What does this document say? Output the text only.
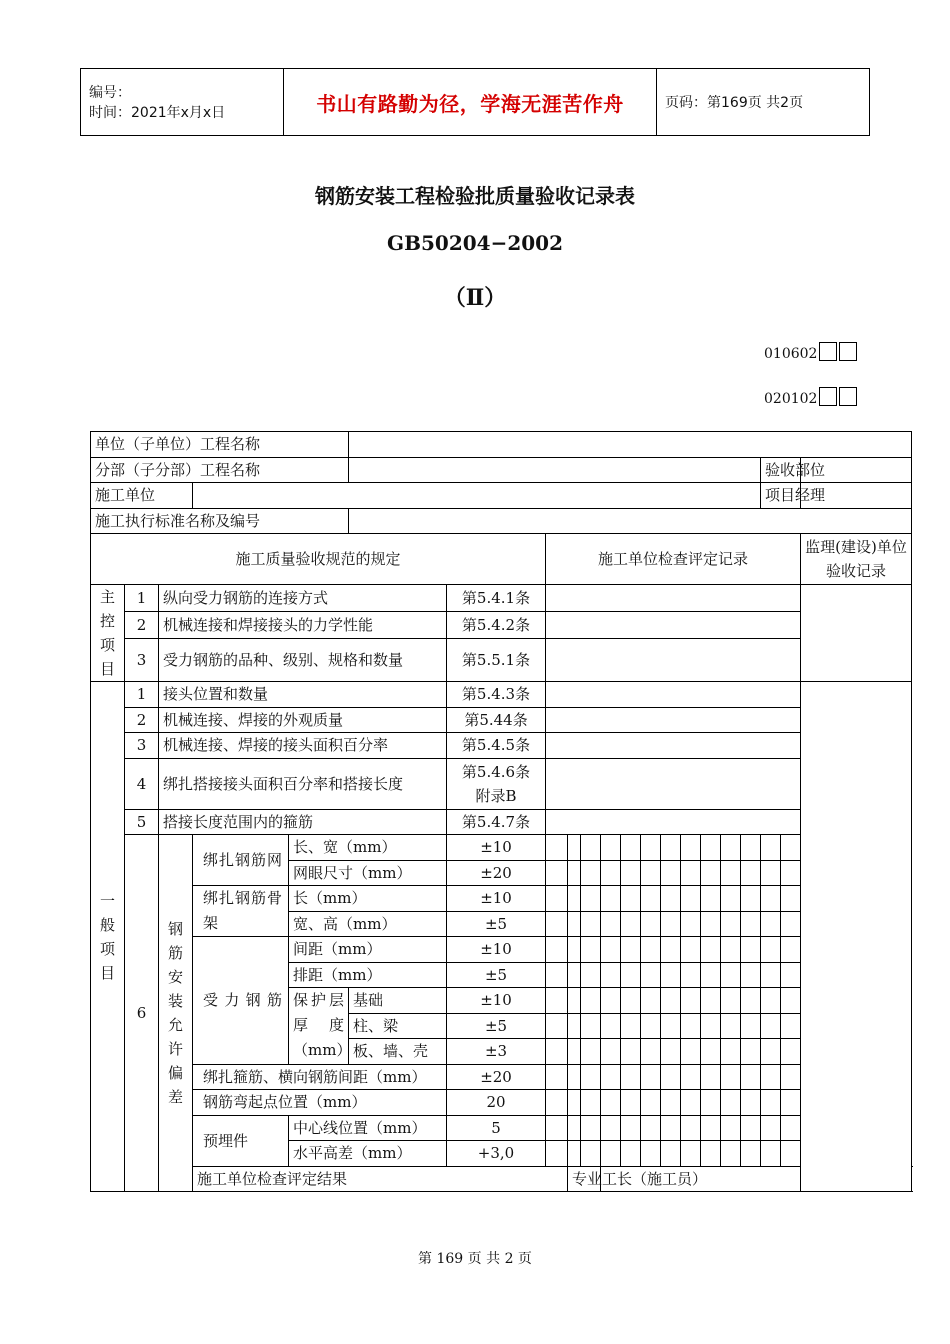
编号：
时间：2021年x月x日	书山有路勤为径，学海无涯苦作舟	页码：第169页 共2页
钢筋安装工程检验批质量验收记录表
GB50204−2002
（Ⅱ）
010602
020102
单位（子单位）工程名称																					
分部（子分部）工程名称																		验收部位			
施工单位																		项目经理			
施工执行标准名称及编号																					
施工质量验收规范的规定							施工单位检查评定记录													监理(建设)单位验收记录	
主控项目	1	纵向受力钢筋的连接方式				第5.4.1条															
	2	机械连接和焊接接头的力学性能				第5.4.2条															
	3	受力钢筋的品种、级别、规格和数量				第5.5.1条															
一般项目	1	接头位置和数量				第5.4.3条															
	2	机械连接、焊接的外观质量				第5.44条															
	3	机械连接、焊接的接头面积百分率				第5.4.5条															
	4	绑扎搭接接头面积百分率和搭接长度				第5.4.6条
附录B															

	5	搭接长度范围内的箍筋				第5.4.7条															
	6	钢筋安装允许偏差	绑扎钢筋网	长、宽（mm）		±10															
				网眼尺寸（mm）		±20															
			绑扎钢筋骨架	长（mm）		±10															
				宽、高（mm）		±5															
			受力钢筋	间距（mm）		±10															
				排距（mm）		±5															
				保护层厚度（mm）	基础	±10															
					柱、梁	±5															
					板、墙、壳	±3															

			绑扎箍筋、横向钢筋间距（mm）			±20															
			钢筋弯起点位置（mm）			20															
			预埋件	中心线位置（mm）		5															
				水平高差（mm）		+3,0															
			施工单位检查评定结果					专业工长（施工员）			
第 169 页 共 2 页
